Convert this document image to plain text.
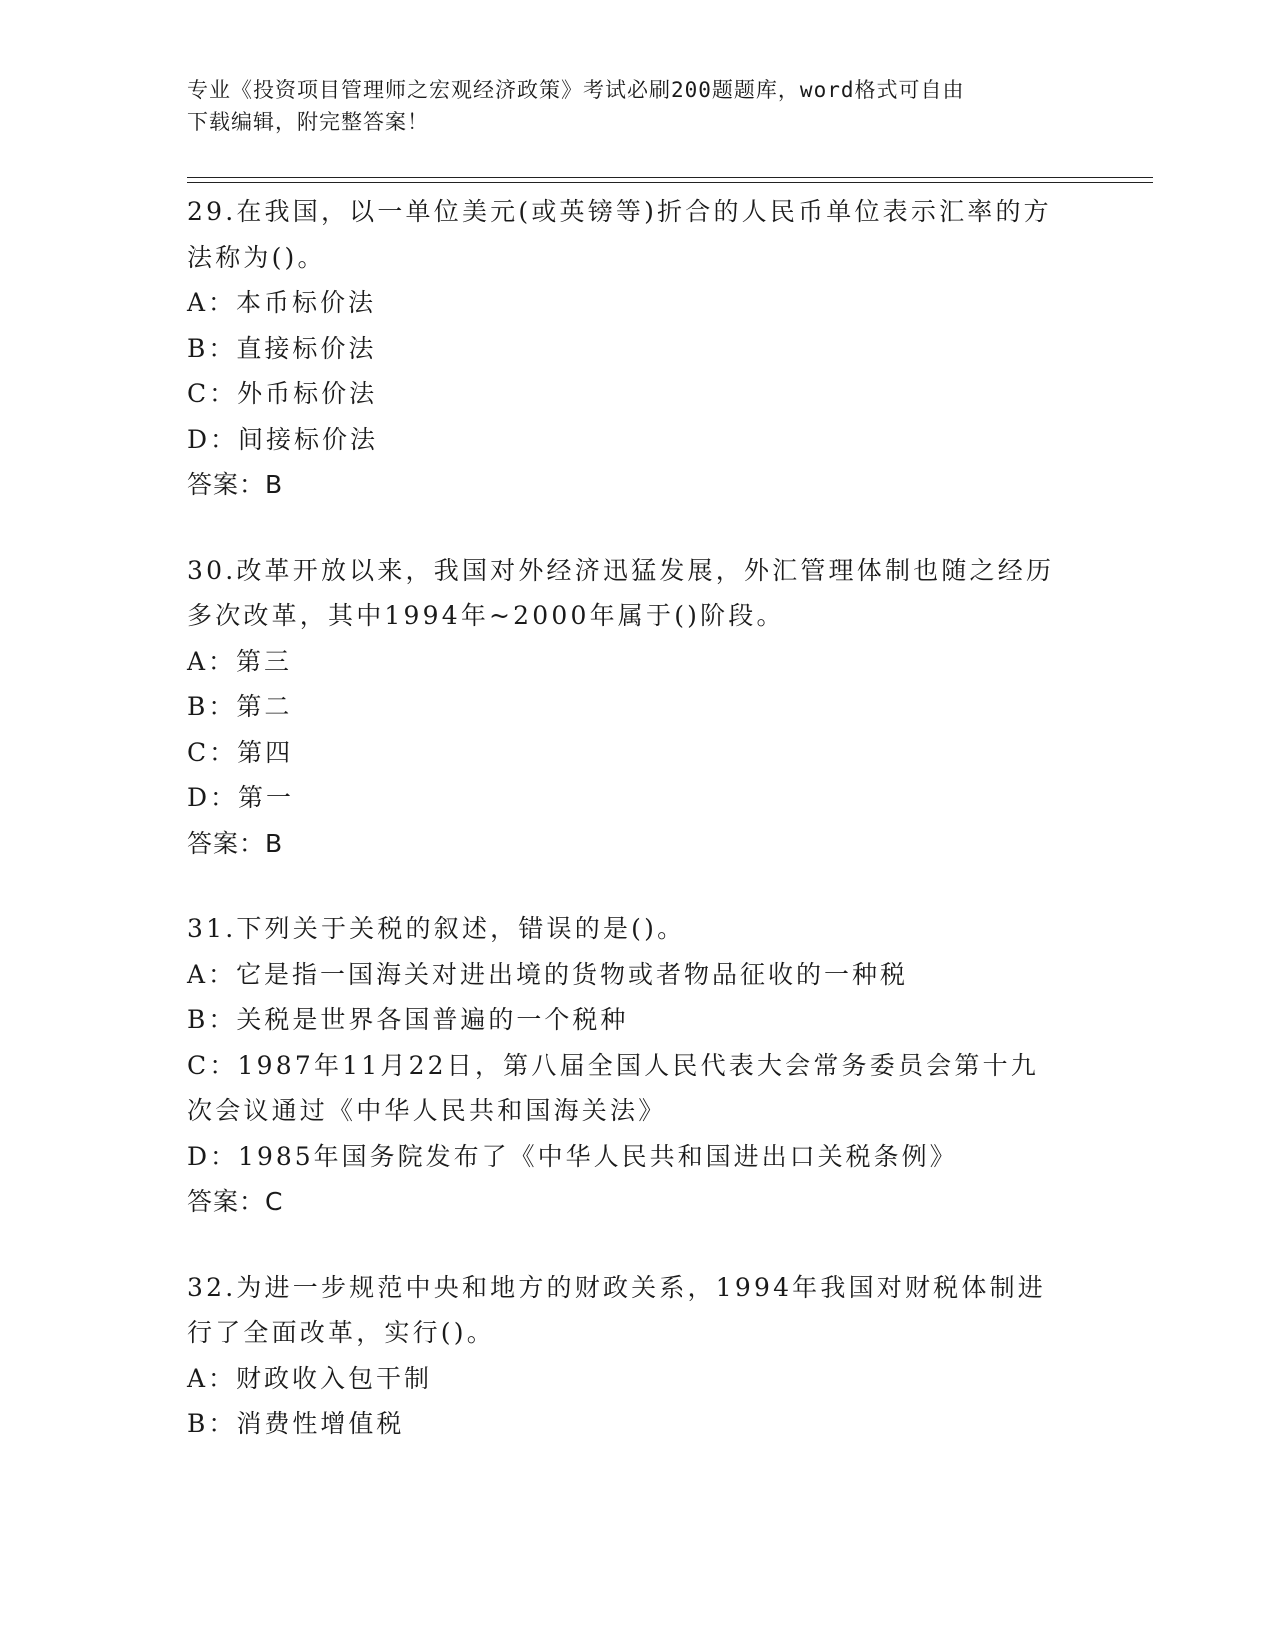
专业《投资项目管理师之宏观经济政策》考试必刷200题题库，word格式可自由
下载编辑，附完整答案！
29.在我国，以一单位美元(或英镑等)折合的人民币单位表示汇率的方法称为()。
A：本币标价法
B：直接标价法
C：外币标价法
D：间接标价法
答案：B
30.改革开放以来，我国对外经济迅猛发展，外汇管理体制也随之经历多次改革，其中1994年~2000年属于()阶段。
A：第三
B：第二
C：第四
D：第一
答案：B
31.下列关于关税的叙述，错误的是()。
A：它是指一国海关对进出境的货物或者物品征收的一种税
B：关税是世界各国普遍的一个税种
C：1987年11月22日，第八届全国人民代表大会常务委员会第十九次会议通过《中华人民共和国海关法》
D：1985年国务院发布了《中华人民共和国进出口关税条例》
答案：C
32.为进一步规范中央和地方的财政关系，1994年我国对财税体制进行了全面改革，实行()。
A：财政收入包干制
B：消费性增值税
